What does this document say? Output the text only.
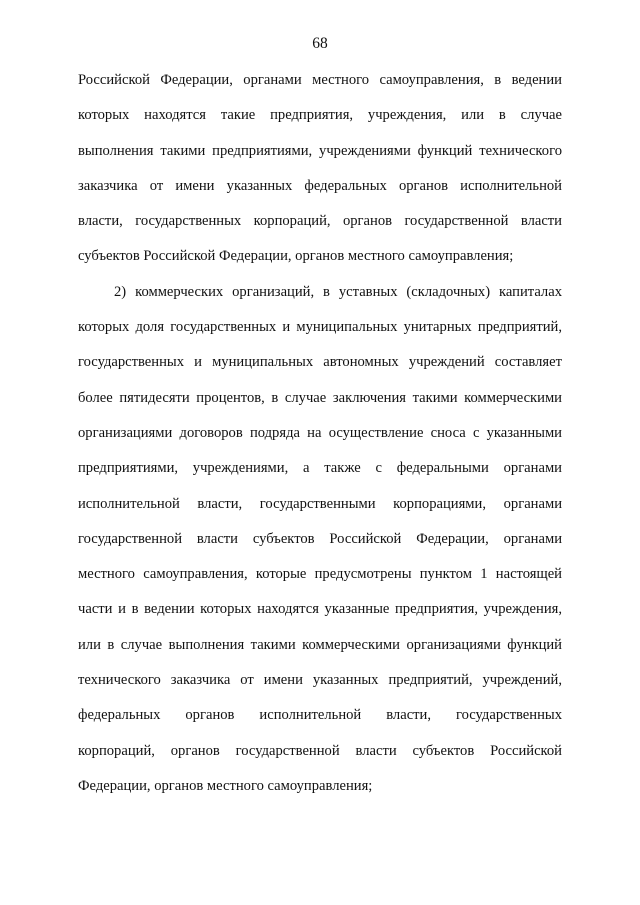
68
Российской Федерации, органами местного самоуправления, в ведении
которых находятся такие предприятия, учреждения, или в случае
выполнения такими предприятиями, учреждениями функций технического
заказчика от имени указанных федеральных органов исполнительной
власти, государственных корпораций, органов государственной власти
субъектов Российской Федерации, органов местного самоуправления;
2) коммерческих организаций, в уставных (складочных) капиталах
которых доля государственных и муниципальных унитарных предприятий,
государственных и муниципальных автономных учреждений составляет
более пятидесяти процентов, в случае заключения такими коммерческими
организациями договоров подряда на осуществление сноса с указанными
предприятиями, учреждениями, а также с федеральными органами
исполнительной власти, государственными корпорациями, органами
государственной власти субъектов Российской Федерации, органами
местного самоуправления, которые предусмотрены пунктом 1 настоящей
части и в ведении которых находятся указанные предприятия, учреждения,
или в случае выполнения такими коммерческими организациями функций
технического заказчика от имени указанных предприятий, учреждений,
федеральных органов исполнительной власти, государственных
корпораций, органов государственной власти субъектов Российской
Федерации, органов местного самоуправления;
